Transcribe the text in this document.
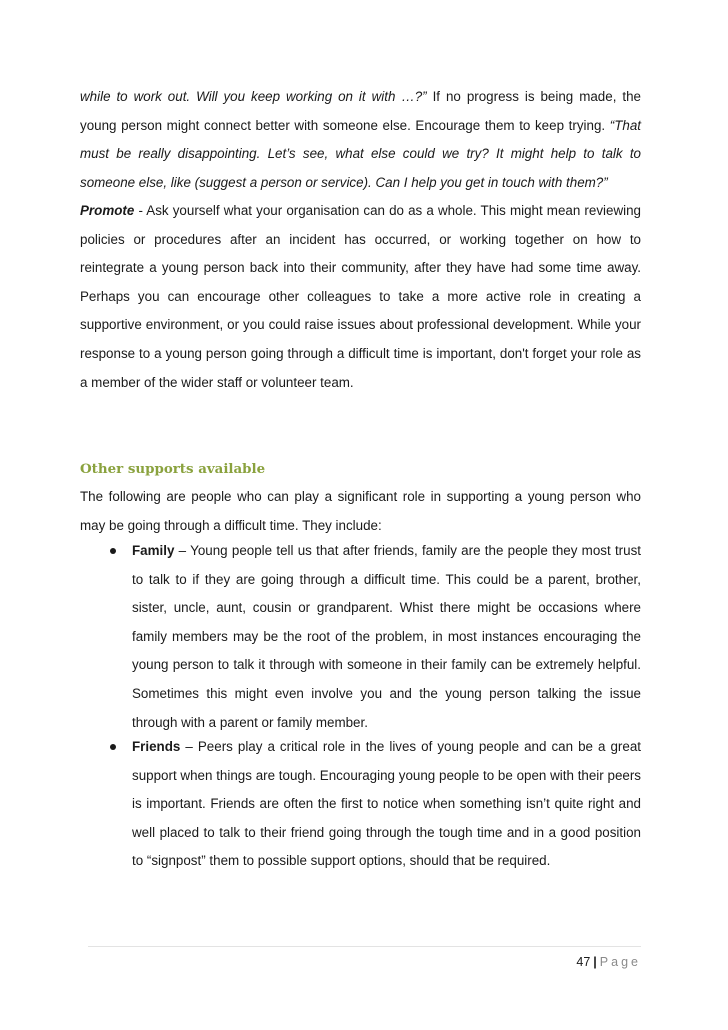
while to work out. Will you keep working on it with …?” If no progress is being made, the young person might connect better with someone else. Encourage them to keep trying. “That must be really disappointing. Let’s see, what else could we try? It might help to talk to someone else, like (suggest a person or service). Can I help you get in touch with them?”

Promote - Ask yourself what your organisation can do as a whole. This might mean reviewing policies or procedures after an incident has occurred, or working together on how to reintegrate a young person back into their community, after they have had some time away. Perhaps you can encourage other colleagues to take a more active role in creating a supportive environment, or you could raise issues about professional development. While your response to a young person going through a difficult time is important, don't forget your role as a member of the wider staff or volunteer team.

Other supports available

The following are people who can play a significant role in supporting a young person who may be going through a difficult time. They include:

Family – Young people tell us that after friends, family are the people they most trust to talk to if they are going through a difficult time. This could be a parent, brother, sister, uncle, aunt, cousin or grandparent. Whist there might be occasions where family members may be the root of the problem, in most instances encouraging the young person to talk it through with someone in their family can be extremely helpful. Sometimes this might even involve you and the young person talking the issue through with a parent or family member.

Friends – Peers play a critical role in the lives of young people and can be a great support when things are tough. Encouraging young people to be open with their peers is important. Friends are often the first to notice when something isn’t quite right and well placed to talk to their friend going through the tough time and in a good position to “signpost” them to possible support options, should that be required.

47 | Page
